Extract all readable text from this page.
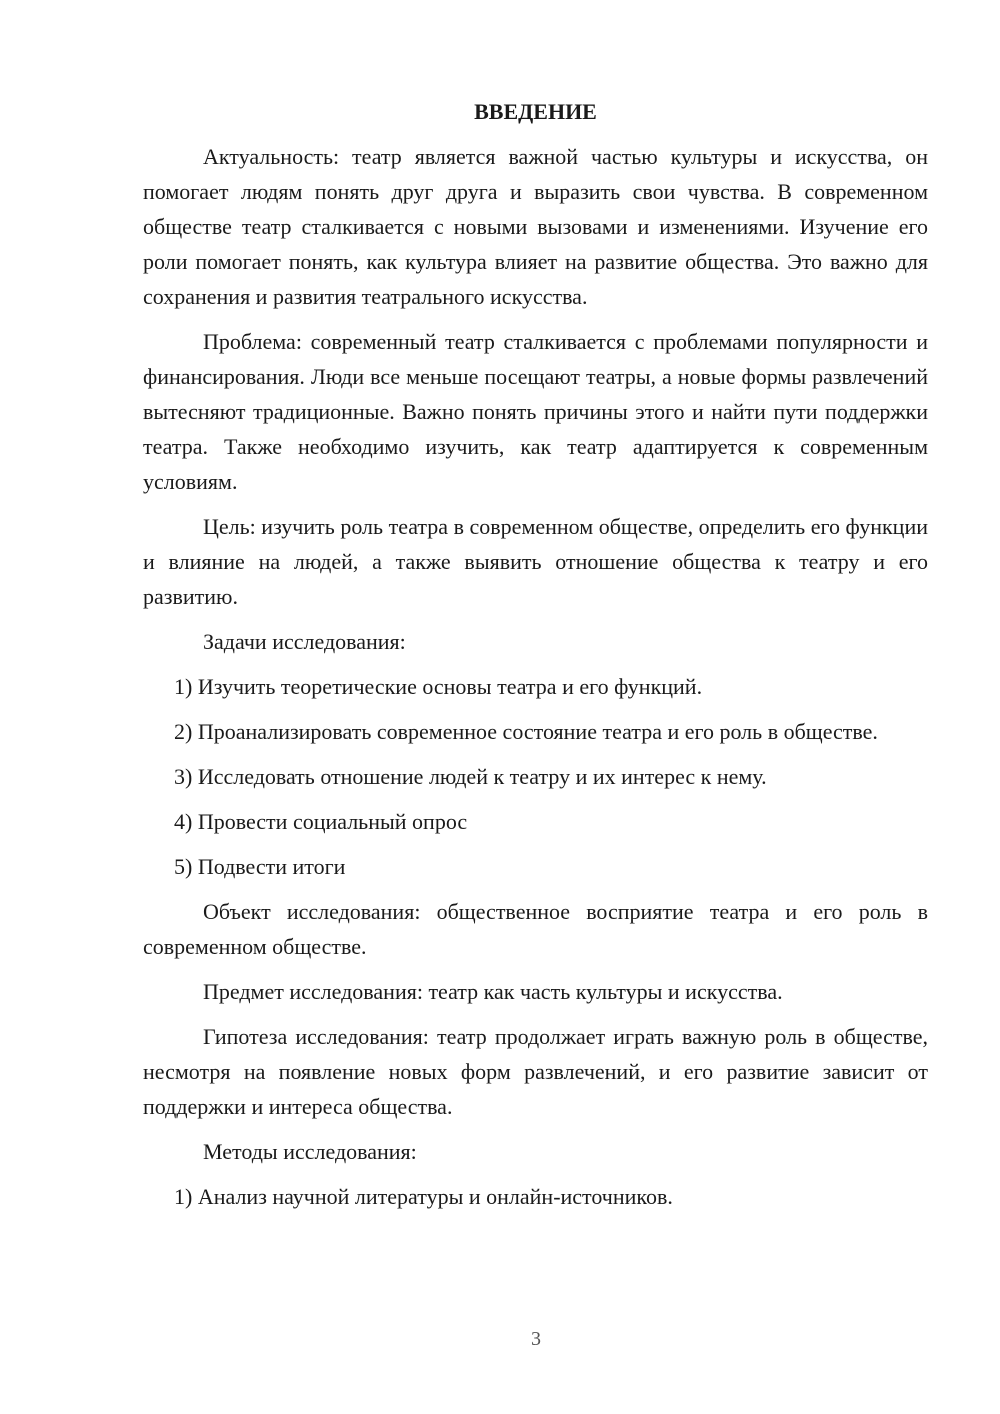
ВВЕДЕНИЕ

Актуальность: театр является важной частью культуры и искусства, он помогает людям понять друг друга и выразить свои чувства. В современном обществе театр сталкивается с новыми вызовами и изменениями. Изучение его роли помогает понять, как культура влияет на развитие общества. Это важно для сохранения и развития театрального искусства.

Проблема: современный театр сталкивается с проблемами популярности и финансирования. Люди все меньше посещают театры, а новые формы развлечений вытесняют традиционные. Важно понять причины этого и найти пути поддержки театра. Также необходимо изучить, как театр адаптируется к современным условиям.

Цель: изучить роль театра в современном обществе, определить его функции и влияние на людей, а также выявить отношение общества к театру и его развитию.

Задачи исследования:

1) Изучить теоретические основы театра и его функций.

2) Проанализировать современное состояние театра и его роль в обществе.

3) Исследовать отношение людей к театру и их интерес к нему.

4) Провести социальный опрос

5) Подвести итоги

Объект исследования: общественное восприятие театра и его роль в современном обществе.

Предмет исследования: театр как часть культуры и искусства.

Гипотеза исследования: театр продолжает играть важную роль в обществе, несмотря на появление новых форм развлечений, и его развитие зависит от поддержки и интереса общества.

Методы исследования:

1) Анализ научной литературы и онлайн-источников.

3
